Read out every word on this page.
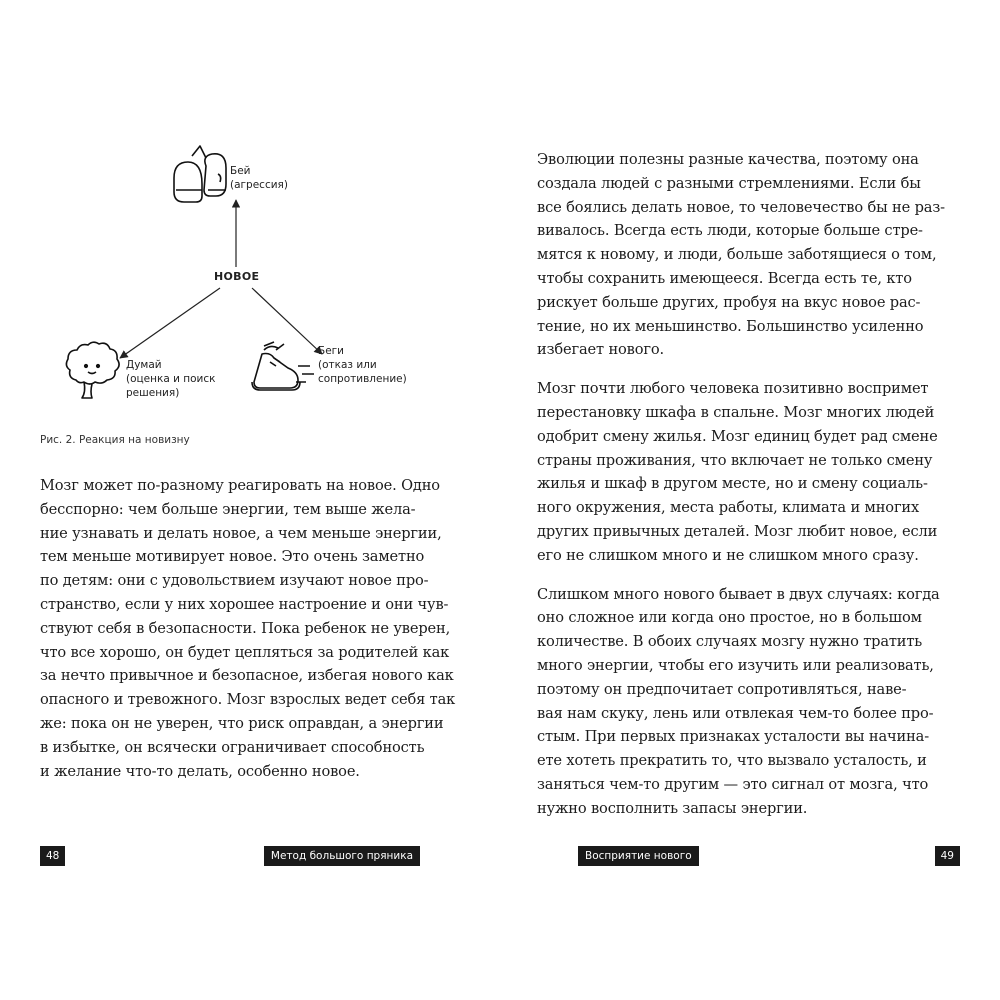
НОВОЕ
Бей
(агрессия)
Думай
(оценка и поиск
решения)
Беги
(отказ или
сопротивление)
Рис. 2. Реакция на новизну
Мозг может по-разному реагировать на новое. Одно
бесспорно: чем больше энергии, тем выше жела-
ние узнавать и делать новое, а чем меньше энергии,
тем меньше мотивирует новое. Это очень заметно
по детям: они с удовольствием изучают новое про-
странство, если у них хорошее настроение и они чув-
ствуют себя в безопасности. Пока ребенок не уверен,
что все хорошо, он будет цепляться за родителей как
за нечто привычное и безопасное, избегая нового как
опасного и тревожного. Мозг взрослых ведет себя так
же: пока он не уверен, что риск оправдан, а энергии
в избытке, он всячески ограничивает способность
и желание что-то делать, особенно новое.
48	Метод большого пряника
Эволюции полезны разные качества, поэтому она
создала людей с разными стремлениями. Если бы
все боялись делать новое, то человечество бы не раз-
вивалось. Всегда есть люди, которые больше стре-
мятся к новому, и люди, больше заботящиеся о том,
чтобы сохранить имеющееся. Всегда есть те, кто
рискует больше других, пробуя на вкус новое рас-
тение, но их меньшинство. Большинство усиленно
избегает нового.
Мозг почти любого человека позитивно воспримет
перестановку шкафа в спальне. Мозг многих людей
одобрит смену жилья. Мозг единиц будет рад смене
страны проживания, что включает не только смену
жилья и шкаф в другом месте, но и смену социаль-
ного окружения, места работы, климата и многих
других привычных деталей. Мозг любит новое, если
его не слишком много и не слишком много сразу.
Слишком много нового бывает в двух случаях: когда
оно сложное или когда оно простое, но в большом
количестве. В обоих случаях мозгу нужно тратить
много энергии, чтобы его изучить или реализовать,
поэтому он предпочитает сопротивляться, наве-
вая нам скуку, лень или отвлекая чем-то более про-
стым. При первых признаках усталости вы начина-
ете хотеть прекратить то, что вызвало усталость, и
заняться чем-то другим — это сигнал от мозга, что
нужно восполнить запасы энергии.
Восприятие нового	49
